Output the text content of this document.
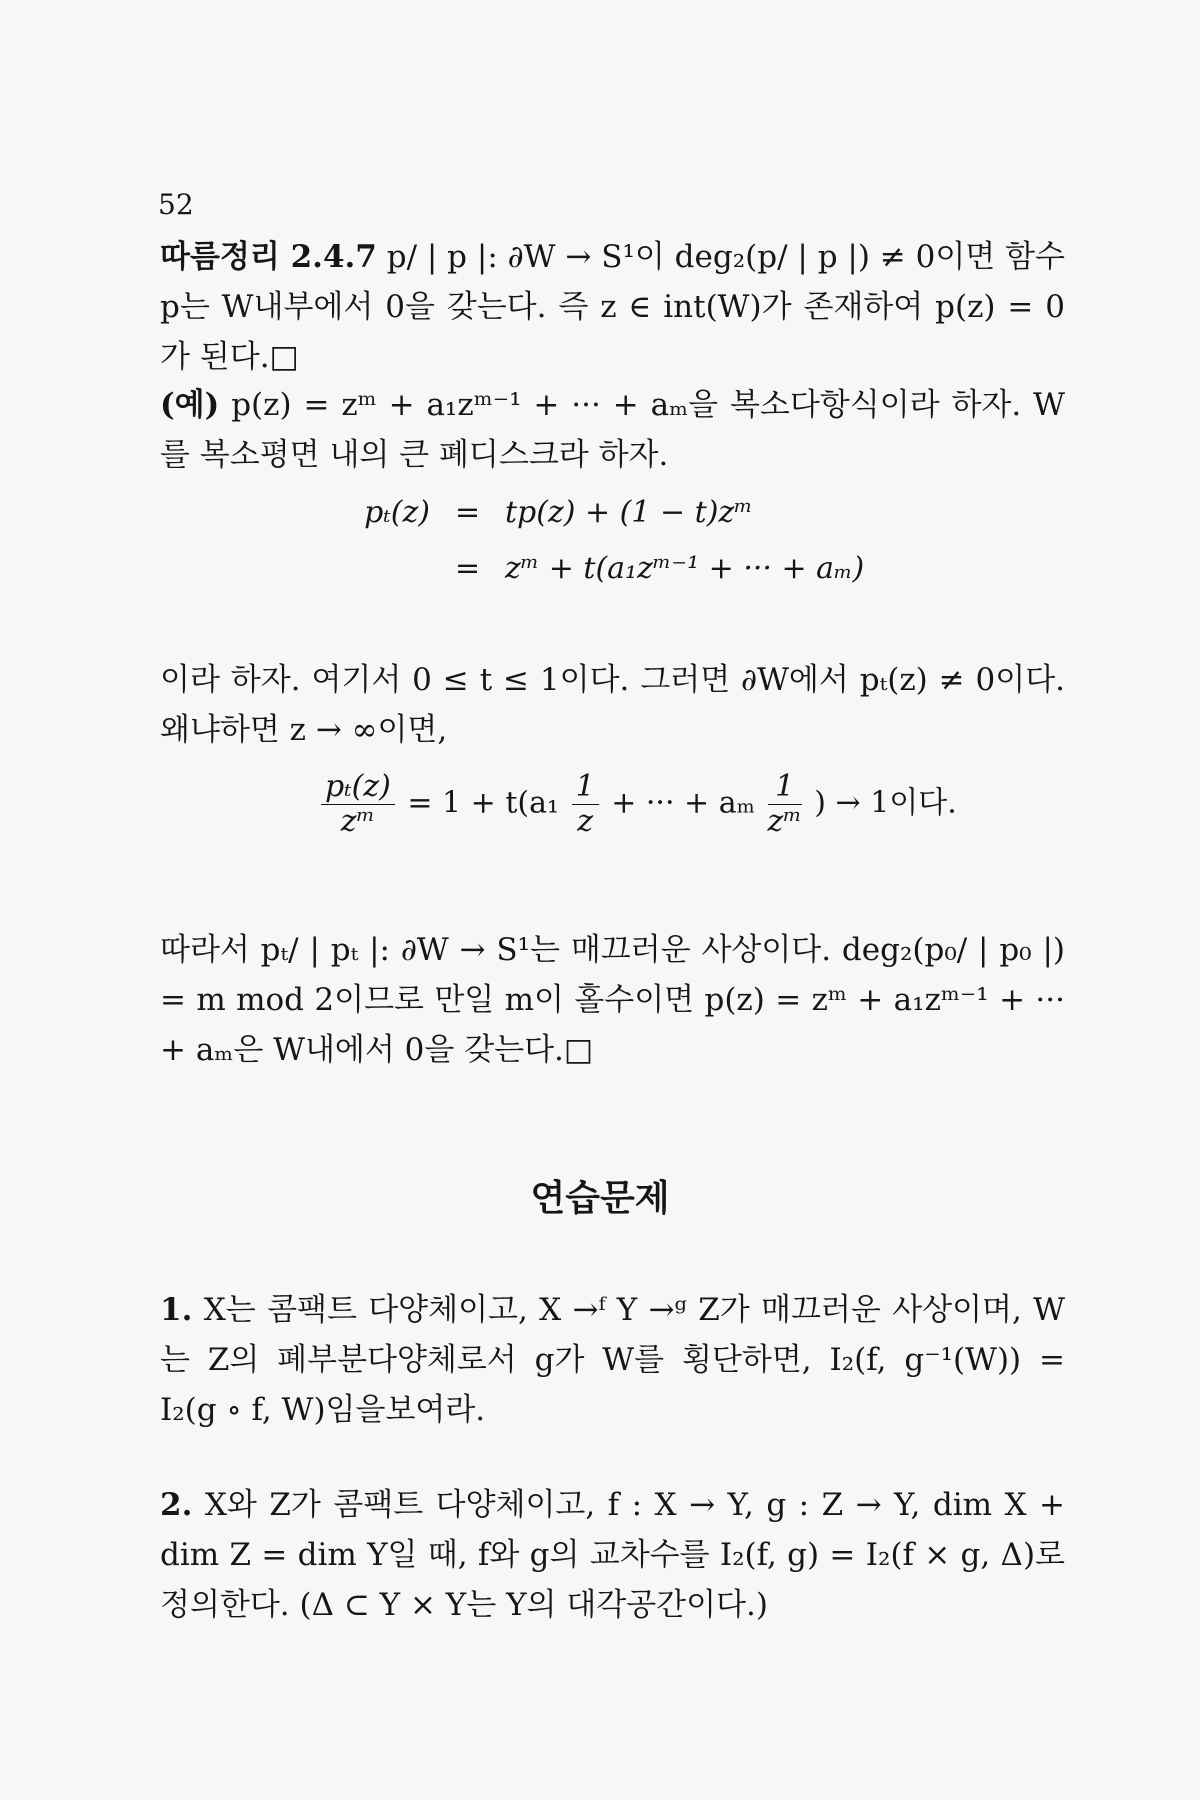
52
따름정리 2.4.7 p/ | p |: ∂W → S¹이 deg₂(p/ | p |) ≠ 0이면 함수 p는 W내부에서 0을 갖는다. 즉 z ∈ int(W)가 존재하여 p(z) = 0가 된다.□
(예) p(z) = zᵐ + a₁zᵐ⁻¹ + ··· + aₘ을 복소다항식이라 하자. W를 복소평면 내의 큰 폐디스크라 하자.
pₜ(z) = tp(z) + (1 − t)zᵐ
= zᵐ + t(a₁zᵐ⁻¹ + ··· + aₘ)
이라 하자. 여기서 0 ≤ t ≤ 1이다. 그러면 ∂W에서 pₜ(z) ≠ 0이다. 왜냐하면 z → ∞이면,
$\frac{\text{pₜ(z)}}{\text{zᵐ}} = 1 + t(a_1 \frac{1}{z}$ + ··· + aₘ $\frac{1}{\text{zᵐ}}$ ) → 1이다.
따라서 pₜ/ | pₜ |: ∂W → S¹는 매끄러운 사상이다. deg₂(p₀/ | p₀ |) = m mod 2이므로 만일 m이 홀수이면 p(z) = zᵐ + a₁zᵐ⁻¹ + ··· + aₘ은 W내에서 0을 갖는다.□
연습문제
1. X는 콤팩트 다양체이고, X →ᶠ Y →ᵍ Z가 매끄러운 사상이며, W는 Z의 폐부분다양체로서 g가 W를 횡단하면, I₂(f, g⁻¹(W)) = I₂(g ∘ f, W)임을보여라.
2. X와 Z가 콤팩트 다양체이고, f : X → Y, g : Z → Y, dim X + dim Z = dim Y일 때, f와 g의 교차수를 I₂(f, g) = I₂(f × g, Δ)로 정의한다. (Δ ⊂ Y × Y는 Y의 대각공간이다.)
